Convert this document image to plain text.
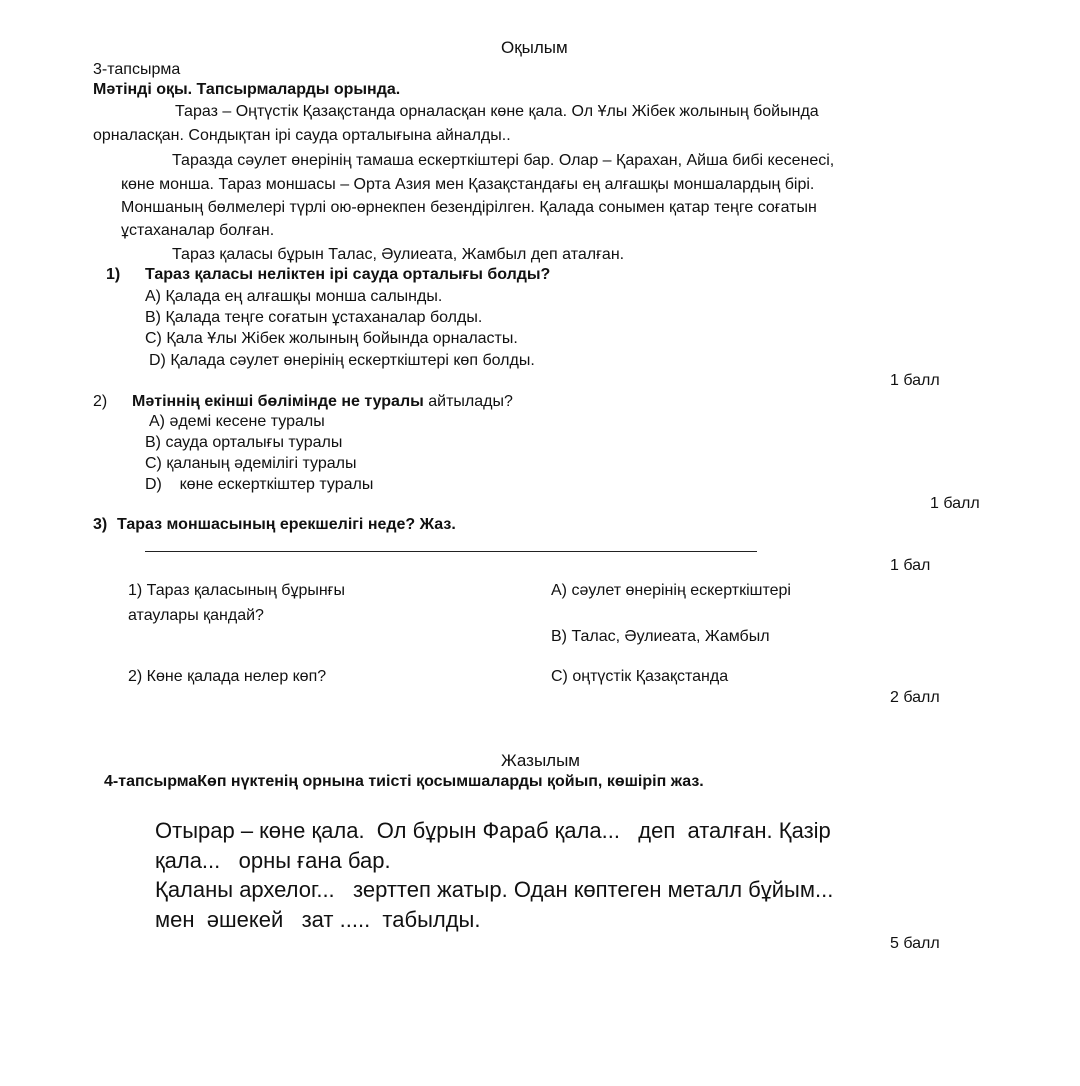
Оқылым
3-тапсырма
Мәтінді оқы. Тапсырмаларды орында.
Тараз – Оңтүстік Қазақстанда орналасқан көне қала. Ол Ұлы Жібек жолының бойында
орналасқан. Сондықтан ірі сауда орталығына айналды..
Таразда сәулет өнерінің тамаша ескерткіштері бар. Олар – Қарахан, Айша бибі кесенесі,
көне монша. Тараз моншасы – Орта Азия мен Қазақстандағы ең алғашқы моншалардың бірі.
Моншаның бөлмелері түрлі ою-өрнекпен безендірілген. Қалада сонымен қатар теңге соғатын
ұстаханалар болған.
Тараз қаласы бұрын Талас, Әулиеата, Жамбыл деп аталған.
1) Тараз қаласы неліктен ірі сауда орталығы болды?
A) Қалада ең алғашқы монша салынды.
B) Қалада теңге соғатын ұстаханалар болды.
C) Қала Ұлы Жібек жолының бойында орналасты.
D) Қалада сәулет өнерінің ескерткіштері көп болды.
1 балл
2) Мәтіннің екінші бөлімінде не туралы айтылады?
A) әдемі кесене туралы
B) сауда орталығы туралы
C) қаланың әдемілігі туралы
D)    көне ескерткіштер туралы
1 балл
3) Тараз моншасының ерекшелігі неде? Жаз.
1 бал
1) Тараз қаласының бұрынғы
атаулары қандай?
2) Көне қалада нелер көп?
A) сәулет өнерінің ескерткіштері
B) Талас, Әулиеата, Жамбыл
C) оңтүстік Қазақстанда
2 балл
Жазылым
4-тапсырмаКөп нүктенің орнына тиісті қосымшаларды қойып, көшіріп жаз.
Отырар – көне қала.  Ол бұрын Фараб қала...   деп  аталған. Қазір
қала...   орны ғана бар.
Қаланы архелог...   зерттеп жатыр. Одан көптеген металл бұйым...
мен  әшекей   зат .....  табылды.
5 балл
